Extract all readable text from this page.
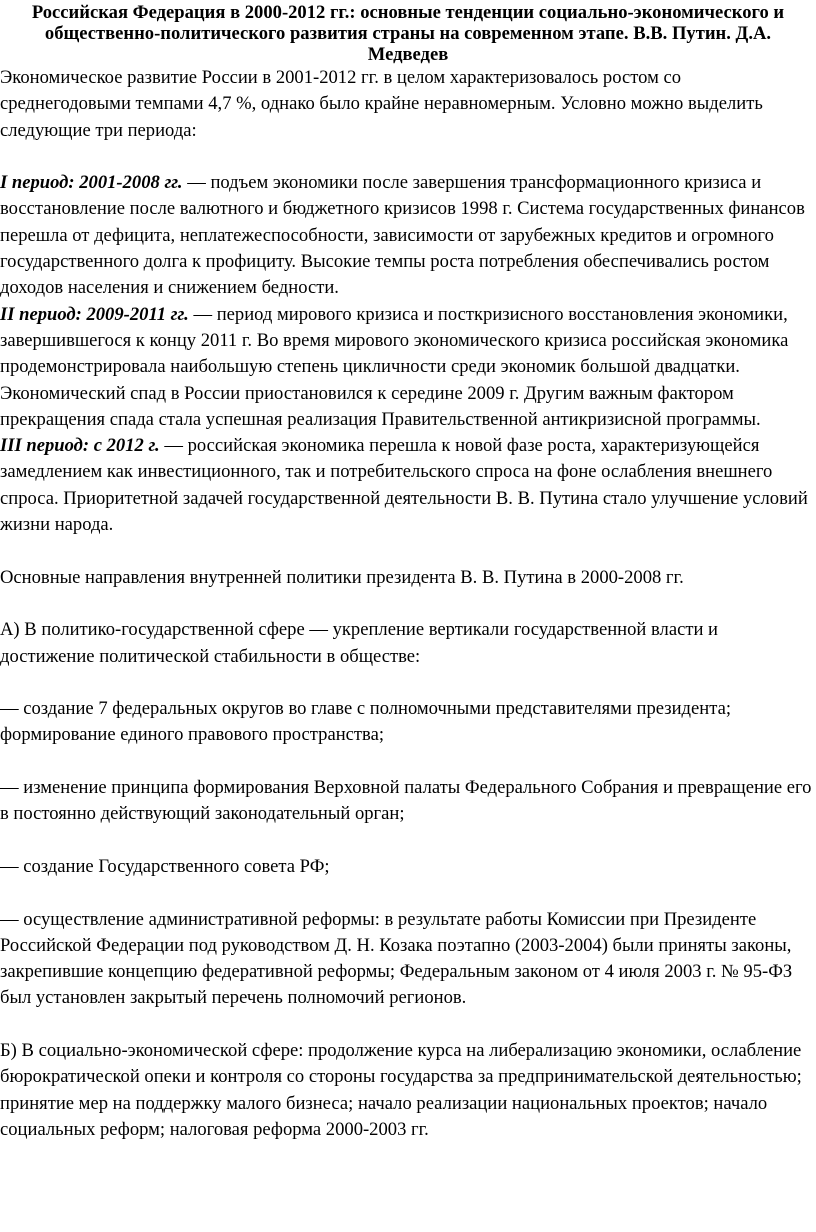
Российская Федерация в 2000-2012 гг.: основные тенденции социально-экономического и общественно-политического развития страны на современном этапе. В.В. Путин. Д.А. Медведев

Экономическое развитие России в 2001-2012 гг. в целом характеризовалось ростом со среднегодовыми темпами 4,7 %, однако было крайне неравномерным. Условно можно выделить следующие три периода:

I период: 2001-2008 гг. — подъем экономики после завершения трансформационного кризиса и восстановление после валютного и бюджетного кризисов 1998 г. Система государственных финансов перешла от дефицита, неплатежеспособности, зависимости от зарубежных кредитов и огромного государственного долга к профициту. Высокие темпы роста потребления обеспечивались ростом доходов населения и снижением бедности.

II период: 2009-2011 гг. — период мирового кризиса и посткризисного восстановления экономики, завершившегося к концу 2011 г. Во время мирового экономического кризиса российская экономика продемонстрировала наибольшую степень цикличности среди экономик большой двадцатки. Экономический спад в России приостановился к середине 2009 г. Другим важным фактором прекращения спада стала успешная реализация Правительственной антикризисной программы.

III период: с 2012 г. — российская экономика перешла к новой фазе роста, характеризующейся замедлением как инвестиционного, так и потребительского спроса на фоне ослабления внешнего спроса. Приоритетной задачей государственной деятельности В. В. Путина стало улучшение условий жизни народа.

Основные направления внутренней политики президента В. В. Путина в 2000-2008 гг.

А) В политико-государственной сфере — укрепление вертикали государственной власти и достижение политической стабильности в обществе:

— создание 7 федеральных округов во главе с полномочными представителями президента; формирование единого правового пространства;

— изменение принципа формирования Верховной палаты Федерального Собрания и превращение его в постоянно действующий законодательный орган;

— создание Государственного совета РФ;

— осуществление административной реформы: в результате работы Комиссии при Президенте Российской Федерации под руководством Д. Н. Козака поэтапно (2003-2004) были приняты законы, закрепившие концепцию федеративной реформы; Федеральным законом от 4 июля 2003 г. № 95-ФЗ был установлен закрытый перечень полномочий регионов.

Б) В социально-экономической сфере: продолжение курса на либерализацию экономики, ослабление бюрократической опеки и контроля со стороны государства за предпринимательской деятельностью; принятие мер на поддержку малого бизнеса; начало реализации национальных проектов; начало социальных реформ; налоговая реформа 2000-2003 гг.
